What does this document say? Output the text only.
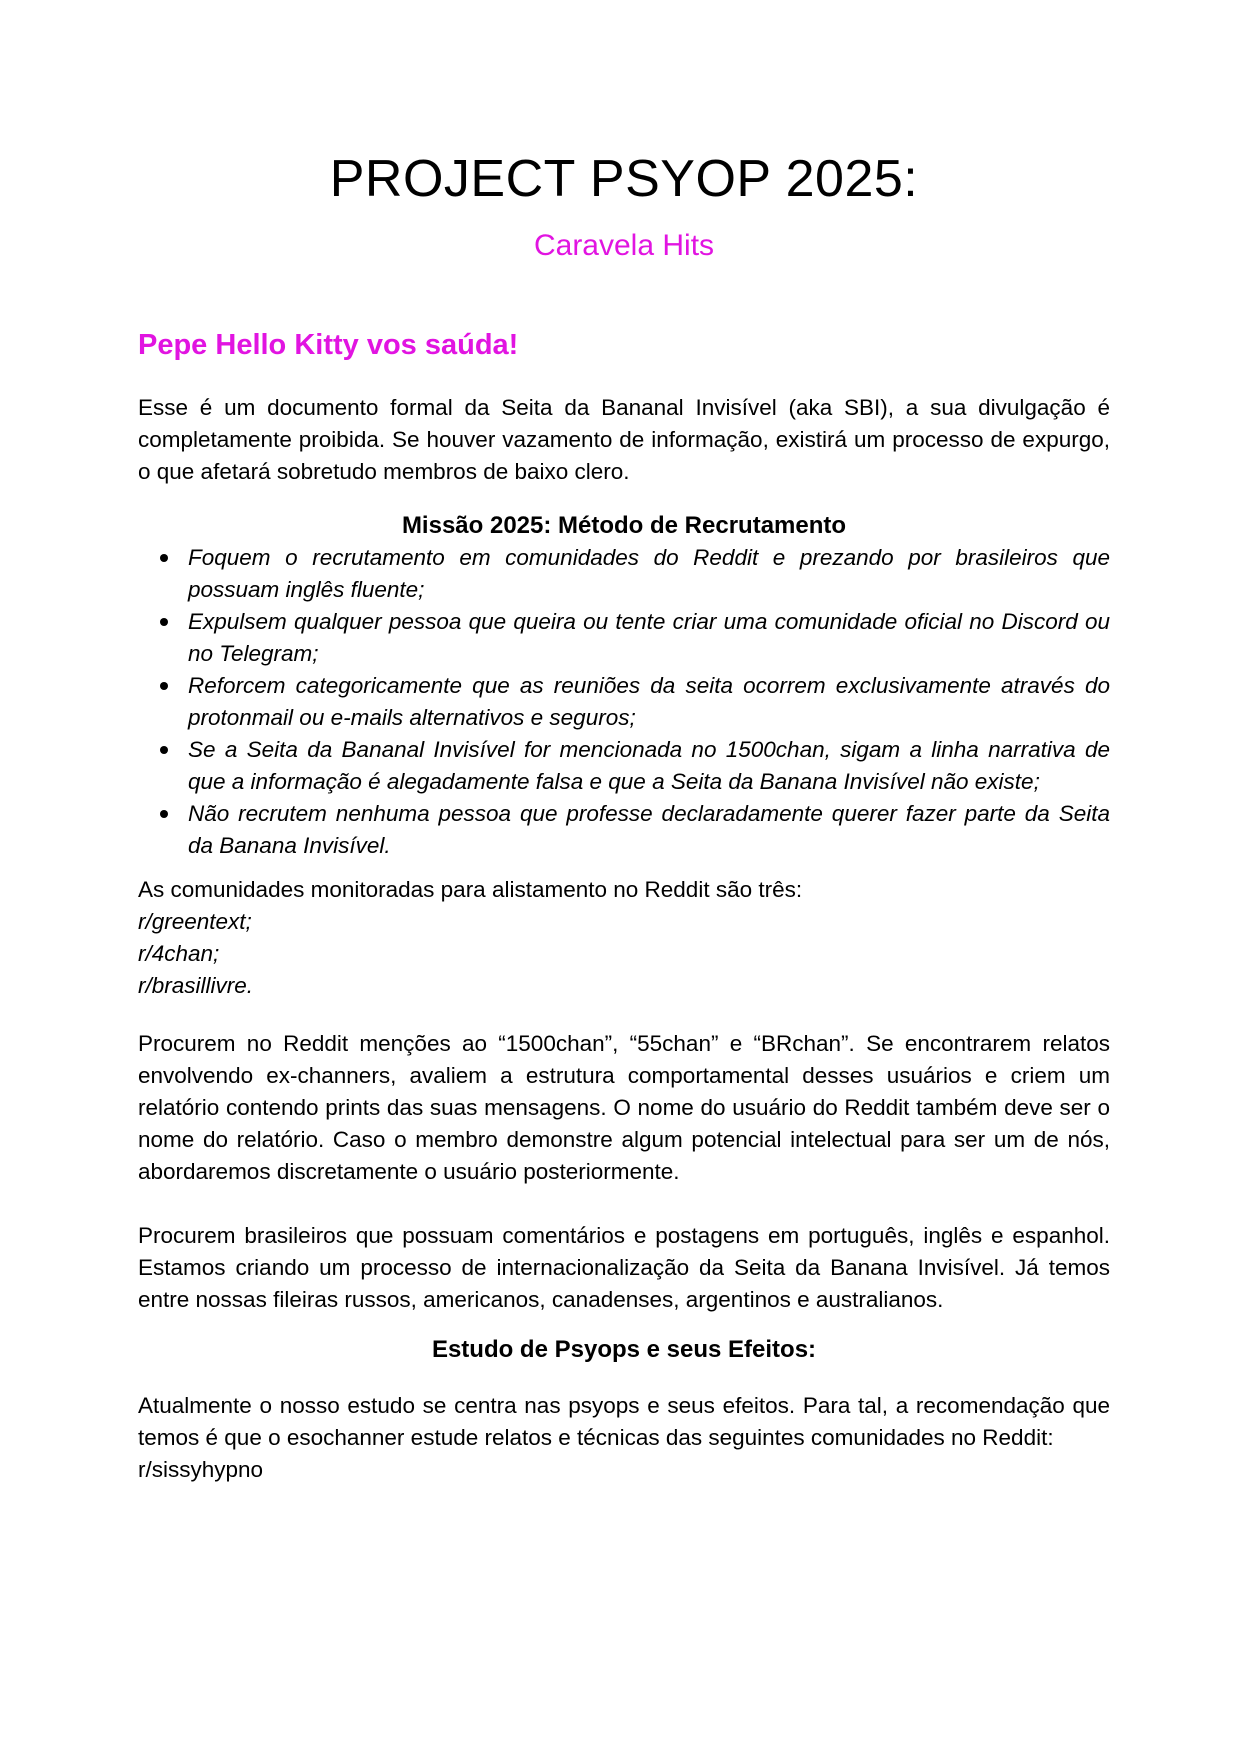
PROJECT PSYOP 2025:
Caravela Hits
Pepe Hello Kitty vos saúda!

Esse é um documento formal da Seita da Bananal Invisível (aka SBI), a sua divulgação é completamente proibida. Se houver vazamento de informação, existirá um processo de expurgo, o que afetará sobretudo membros de baixo clero.

Missão 2025: Método de Recrutamento
Foquem o recrutamento em comunidades do Reddit e prezando por brasileiros que possuam inglês fluente;
Expulsem qualquer pessoa que queira ou tente criar uma comunidade oficial no Discord ou no Telegram;
Reforcem categoricamente que as reuniões da seita ocorrem exclusivamente através do protonmail ou e-mails alternativos e seguros;
Se a Seita da Bananal Invisível for mencionada no 1500chan, sigam a linha narrativa de que a informação é alegadamente falsa e que a Seita da Banana Invisível não existe;
Não recrutem nenhuma pessoa que professe declaradamente querer fazer parte da Seita da Banana Invisível.

As comunidades monitoradas para alistamento no Reddit são três:

r/greentext;

r/4chan;

r/brasillivre.

Procurem no Reddit menções ao “1500chan”, “55chan” e “BRchan”. Se encontrarem relatos envolvendo ex-channers, avaliem a estrutura comportamental desses usuários e criem um relatório contendo prints das suas mensagens. O nome do usuário do Reddit também deve ser o nome do relatório. Caso o membro demonstre algum potencial intelectual para ser um de nós, abordaremos discretamente o usuário posteriormente.

Procurem brasileiros que possuam comentários e postagens em português, inglês e espanhol. Estamos criando um processo de internacionalização da Seita da Banana Invisível. Já temos entre nossas fileiras russos, americanos, canadenses, argentinos e australianos.

Estudo de Psyops e seus Efeitos:

Atualmente o nosso estudo se centra nas psyops e seus efeitos. Para tal, a recomendação que temos é que o esochanner estude relatos e técnicas das seguintes comunidades no Reddit:

r/sissyhypno
